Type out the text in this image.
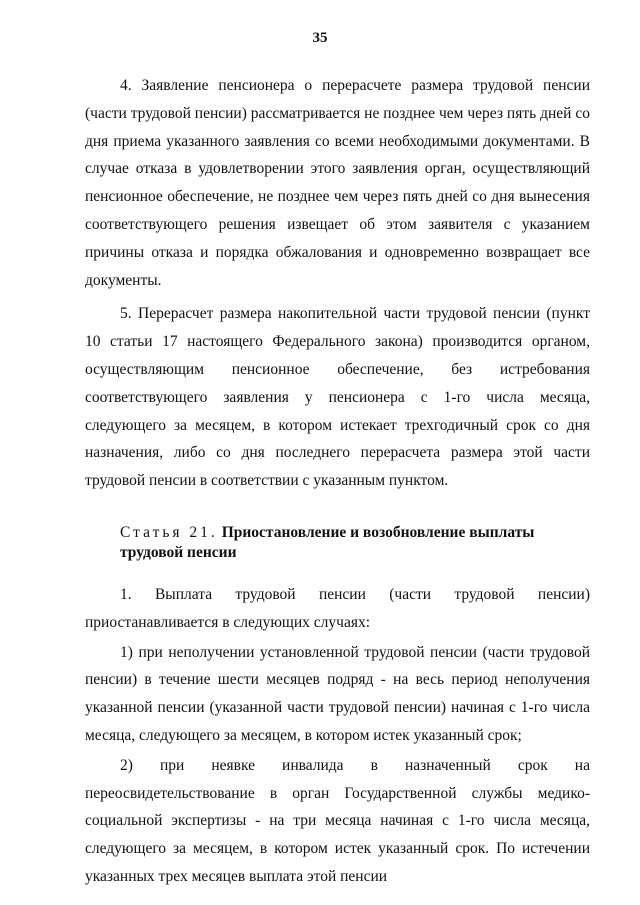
35

4. Заявление пенсионера о перерасчете размера трудовой пенсии (части трудовой пенсии) рассматривается не позднее чем через пять дней со дня приема указанного заявления со всеми необходимыми документами. В случае отказа в удовлетворении этого заявления орган, осуществляющий пенсионное обеспечение, не позднее чем через пять дней со дня вынесения соответствующего решения извещает об этом заявителя с указанием причины отказа и порядка обжалования и одновременно возвращает все документы.

5. Перерасчет размера накопительной части трудовой пенсии (пункт 10 статьи 17 настоящего Федерального закона) производится органом, осуществляющим пенсионное обеспечение, без истребования соответствующего заявления у пенсионера с 1-го числа месяца, следующего за месяцем, в котором истекает трехгодичный срок со дня назначения, либо со дня последнего перерасчета размера этой части трудовой пенсии в соответствии с указанным пунктом.

Статья 21. Приостановление и возобновление выплаты трудовой пенсии

1. Выплата трудовой пенсии (части трудовой пенсии) приостанавливается в следующих случаях:

1) при неполучении установленной трудовой пенсии (части трудовой пенсии) в течение шести месяцев подряд - на весь период неполучения указанной пенсии (указанной части трудовой пенсии) начиная с 1-го числа месяца, следующего за месяцем, в котором истек указанный срок;

2) при неявке инвалида в назначенный срок на переосвидетельствование в орган Государственной службы медико-социальной экспертизы - на три месяца начиная с 1-го числа месяца, следующего за месяцем, в котором истек указанный срок. По истечении указанных трех месяцев выплата этой пенсии
